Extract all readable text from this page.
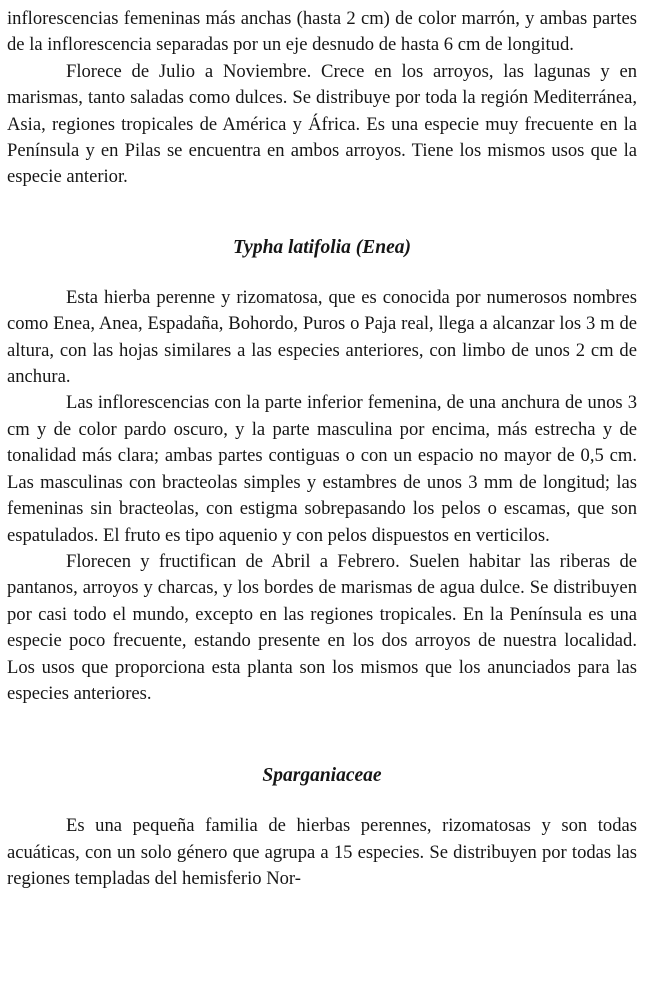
inflorescencias femeninas más anchas (hasta 2 cm) de color marrón, y ambas partes de la inflorescencia separadas por un eje desnudo de hasta 6 cm de longitud.

Florece de Julio a Noviembre. Crece en los arroyos, las lagunas y en marismas, tanto saladas como dulces. Se distribuye por toda la región Mediterránea, Asia, regiones tropicales de América y África. Es una especie muy frecuente en la Península y en Pilas se encuentra en ambos arroyos. Tiene los mismos usos que la especie anterior.

Typha latifolia (Enea)

Esta hierba perenne y rizomatosa, que es conocida por numerosos nombres como Enea, Anea, Espadaña, Bohordo, Puros o Paja real, llega a alcanzar los 3 m de altura, con las hojas similares a las especies anteriores, con limbo de unos 2 cm de anchura.

Las inflorescencias con la parte inferior femenina, de una anchura de unos 3 cm y de color pardo oscuro, y la parte masculina por encima, más estrecha y de tonalidad más clara; ambas partes contiguas o con un espacio no mayor de 0,5 cm. Las masculinas con bracteolas simples y estambres de unos 3 mm de longitud; las femeninas sin bracteolas, con estigma sobrepasando los pelos o escamas, que son espatulados. El fruto es tipo aquenio y con pelos dispuestos en verticilos.

Florecen y fructifican de Abril a Febrero. Suelen habitar las riberas de pantanos, arroyos y charcas, y los bordes de marismas de agua dulce. Se distribuyen por casi todo el mundo, excepto en las regiones tropicales. En la Península es una especie poco frecuente, estando presente en los dos arroyos de nuestra localidad. Los usos que proporciona esta planta son los mismos que los anunciados para las especies anteriores.

Sparganiaceae

Es una pequeña familia de hierbas perennes, rizomatosas y son todas acuáticas, con un solo género que agrupa a 15 especies. Se distribuyen por todas las regiones templadas del hemisferio Nor-
